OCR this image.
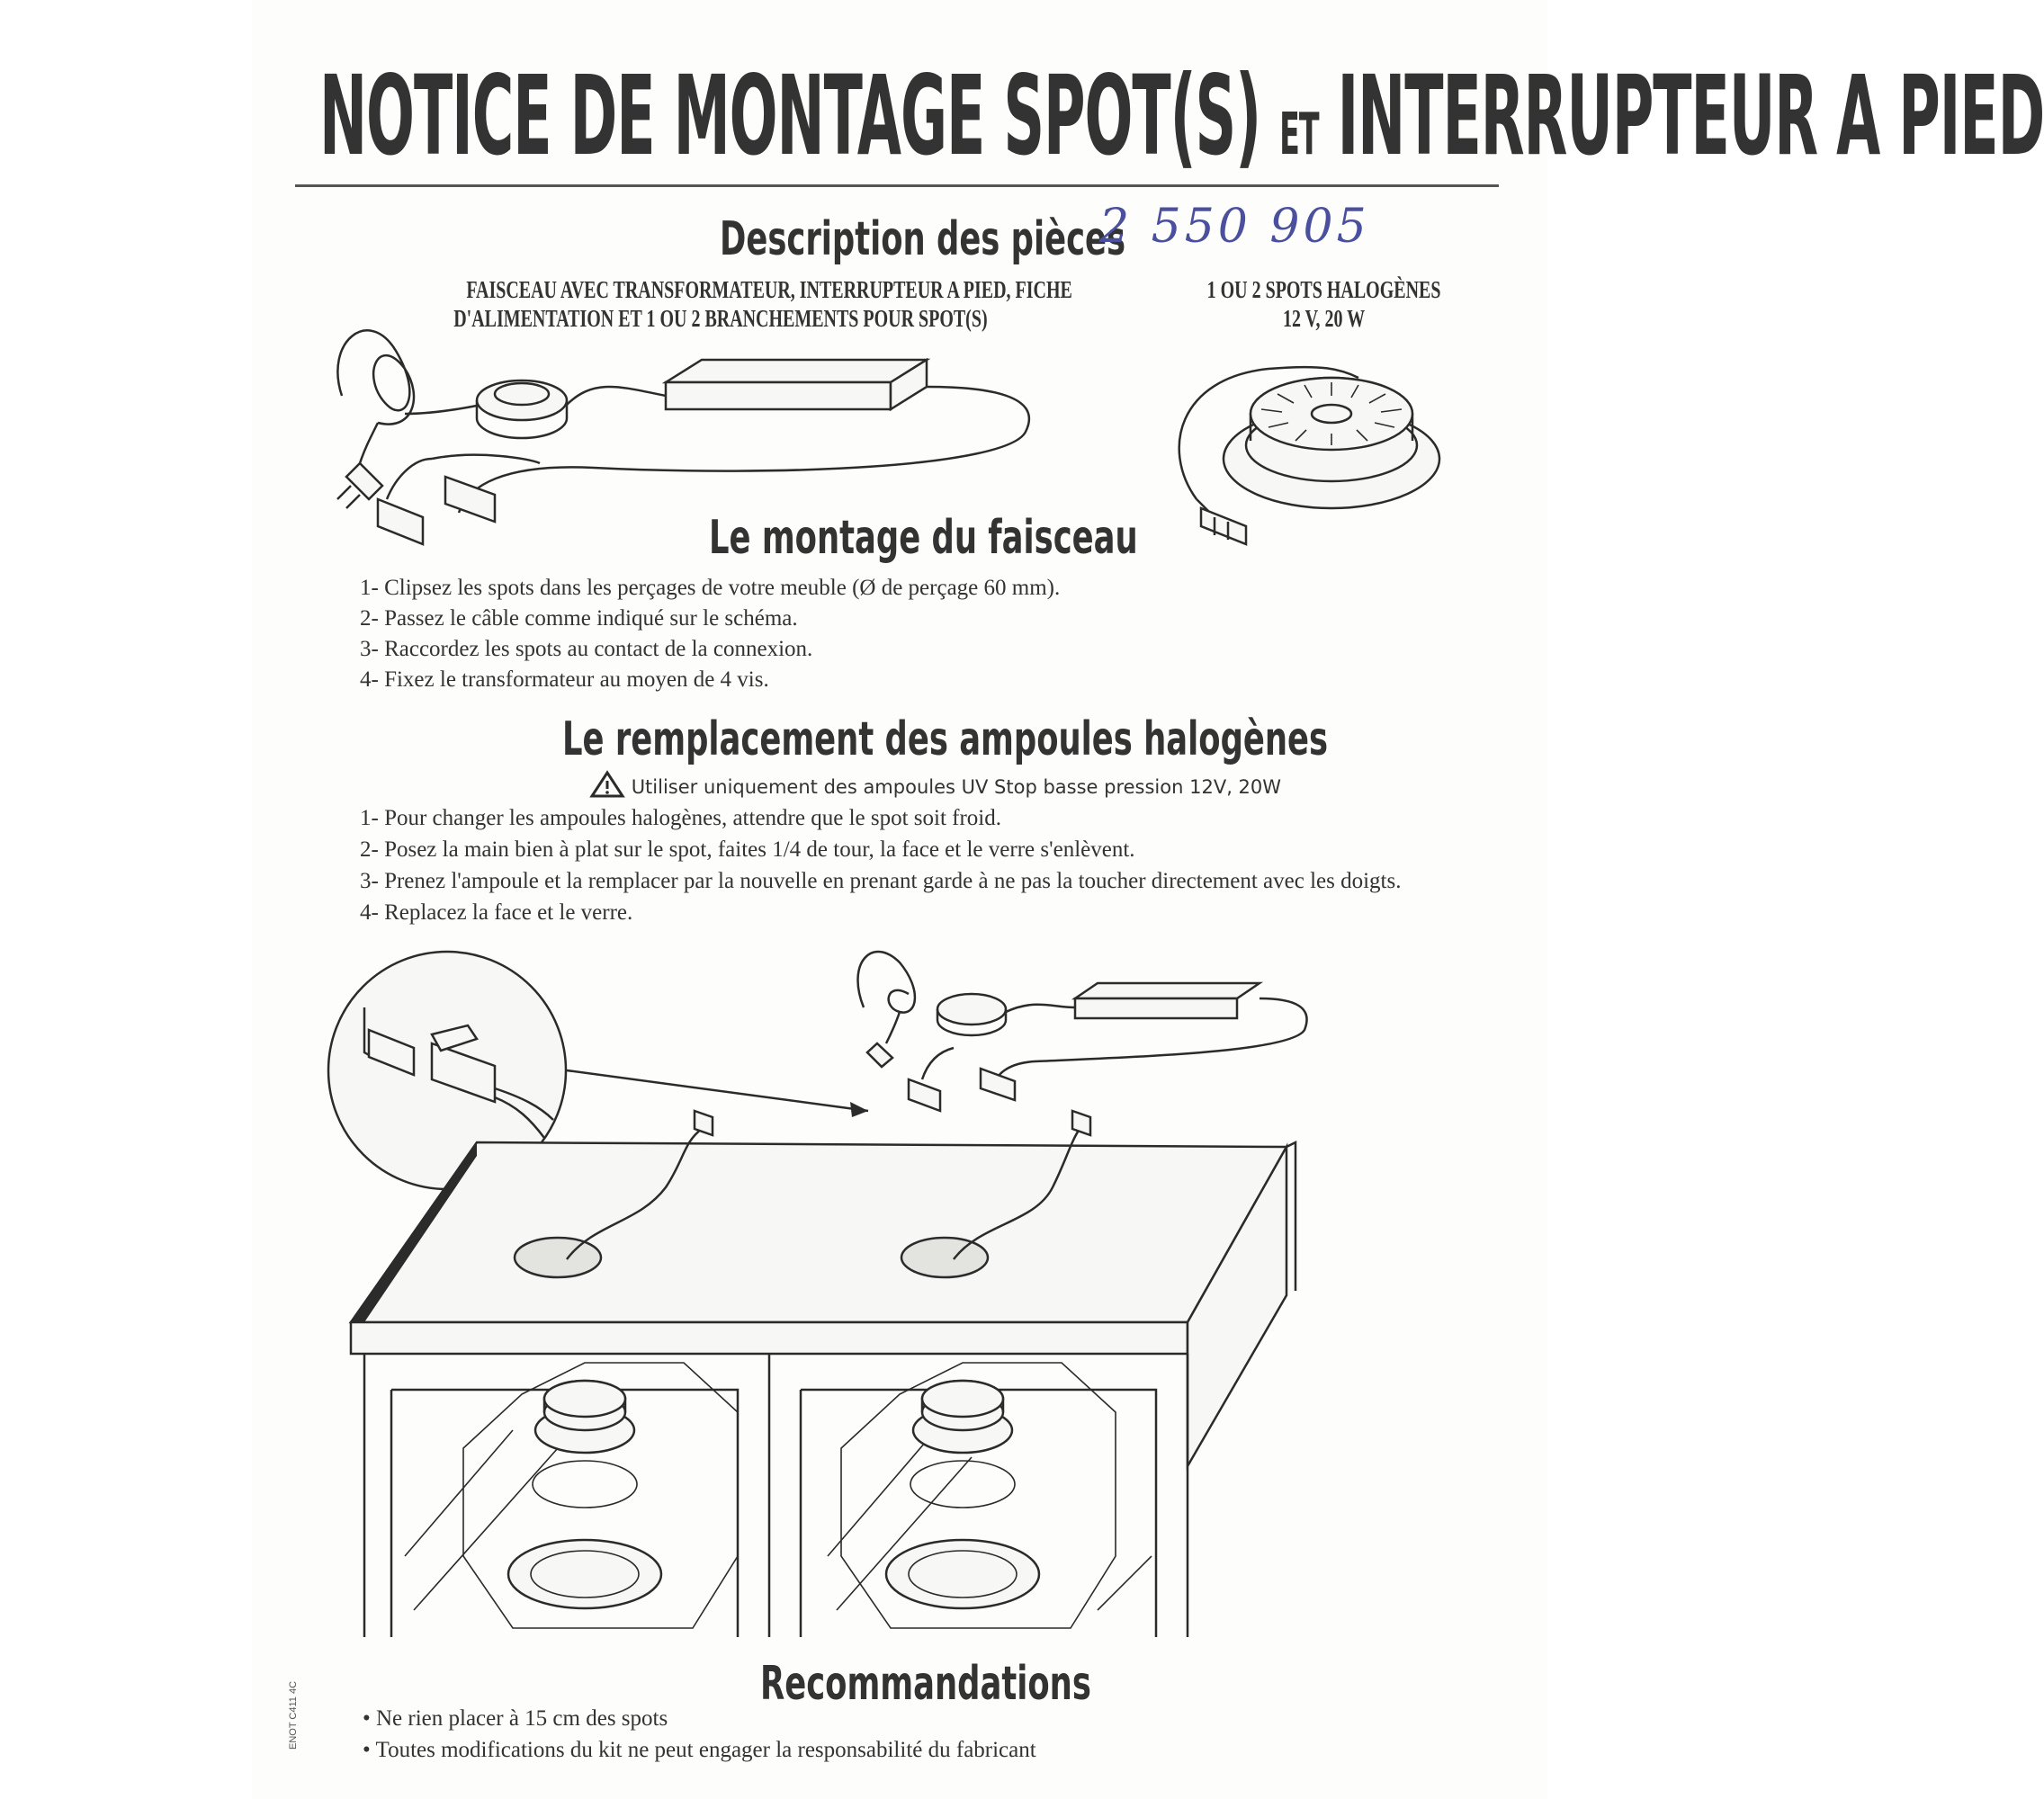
NOTICE DE MONTAGE SPOT(S) ET INTERRUPTEUR A PIED
Description des pièces
2 550 905
FAISCEAU AVEC TRANSFORMATEUR, INTERRUPTEUR A PIED, FICHE
D'ALIMENTATION ET 1 OU 2 BRANCHEMENTS POUR SPOT(S)
1 OU 2 SPOTS HALOGÈNES
12 V, 20 W
Le montage du faisceau
1- Clipsez les spots dans les perçages de votre meuble (Ø de perçage 60 mm).
2- Passez le câble comme indiqué sur le schéma.
3- Raccordez les spots au contact de la connexion.
4- Fixez le transformateur au moyen de 4 vis.
Le remplacement des ampoules halogènes
Utiliser uniquement des ampoules UV Stop basse pression 12V, 20W
1- Pour changer les ampoules halogènes, attendre que le spot soit froid.
2- Posez la main bien à plat sur le spot, faites 1/4 de tour, la face et le verre s'enlèvent.
3- Prenez l'ampoule et la remplacer par la nouvelle en prenant garde à ne pas la toucher directement avec les doigts.
4- Replacez la face et le verre.
Recommandations
• Ne rien placer à 15 cm des spots
• Toutes modifications du kit ne peut engager la responsabilité du fabricant
ENOT C411 4C
